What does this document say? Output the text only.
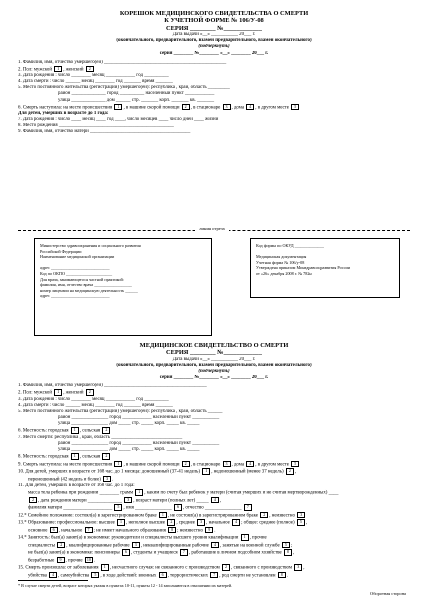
КОРЕШОК МЕДИЦИНСКОГО СВИДЕТЕЛЬСТВА О СМЕРТИ
К УЧЕТНОЙ ФОРМЕ № 106/У-08
СЕРИЯ ________ №____________
Дата выдачи «__» ___________ 20___ г.
(окончательного, предварительного, взамен предварительного, взамен окончательного)
(подчеркнуть)
серия ________ №________ «__» ________ 20___ г.
1. Фамилия, имя, отчество умершего(ей) __________________________________________________
2. Пол: мужской 1 , женский 2
3. Дата рождения : число ________ месяц ____________ год __________
4. Дата смерти : число ______ месяц ________ год _______ время _______
5. Место постоянного жительства (регистрации) умершего(ей): республика , край, область _________
район ______________ город __________ населенный пункт ____________
улица ______________ дом ______ стр. _______ корп. _______ кв. _______
6. Смерть наступила: на месте происшествия 1 , в машине скорой помощи 2 , в стационаре 3 , дома 4 , в другом месте 5
Для детей, умерших в возрасте до 1 года:
7. Дата рождения : число ____ месяц ____ год ____, число месяцев ____ число дней ____ жизни
8. Место рождения _______________________________________________
9. Фамилия, имя, отчество матери _________________________________________
линия отреза
Министерство здравоохранения и социального развития
Российской Федерации
Наименование медицинской организации
адрес ____________________________
Код по ОКПО ______________________
Для врача, занимающегося частной практикой:
фамилия, имя, отчество врача __________________
номер лицензии на медицинскую деятельность ______
адрес ____________________________
Код формы по ОКУД ______________
Медицинская документация
Учетная форма № 106/у-08
Утверждена приказом Минздравсоцразвития России
от «26» декабря 2008 г. № 782н
МЕДИЦИНСКОЕ СВИДЕТЕЛЬСТВО О СМЕРТИ
СЕРИЯ ________ №____________
Дата выдачи «__» ___________ 20___ г.
(окончательного, предварительного, взамен предварительного, взамен окончательного)
(подчеркнуть)
серия ________ №________ «__» ________ 20___ г.
1. Фамилия, имя, отчество умершего(ей) __________________________________________
2. Пол: мужской 1 , женский 2
3. Дата рождения : число ________ месяц ____________ год __________
4. Дата смерти : число ______ месяц ________ год _______ время _______
5. Место постоянного жительства (регистрации) умершего(ей): республика , край, область ______
район _______________ город ____________ населенный пункт ___________
улица _______________ дом _____ стр. _____ корп. _____ кв. _____
6. Местность: городская 1 , сельская 2
7. Место смерти: республика , край, область _____________________________
район _______________ город ____________ населенный пункт ___________
улица _______________ дом _____ стр. _____ корп. _____ кв. _____
8. Местность: городская 1 , сельская 2
9. Смерть наступила: на месте происшествия 1 , в машине скорой помощи 2 , в стационаре 3 , дома 4 , в другом месте 5
10. Для детей, умерших в возрасте от 168 час. до 1 месяца: доношенный (37-41 недель) 1 , недоношенный (менее 37 недель) 2 ,
переношенный (42 недель и более) 3 .
11. Для детей, умерших в возрасте от 168 час. до 1 года:
масса тела ребенка при рождении ________ грамм 1 , каким по счету был ребенок у матери (считая умерших и не считая мертворожденных) ____
2 , дата рождения матери ______________ 3 , возраст матери (полных лет) _____ 4 ,
фамилия матери ____________________ 5 , имя _______________ 6 , отчество _______________ 7
12.* Семейное положение: состоял(а) в зарегистрированном браке 1 , не состоял(а) в зарегистрированном браке 2 , неизвестно 3
13.* Образование: профессиональное: высшее 1 , неполное высшее 2 , среднее 3 , начальное 4 ; общее: среднее (полное) 5 ,
основное 6 , начальное 7 ; не имеет начального образования 8 ; неизвестно 9 .
14.* Занятость: был(а) занят(а) в экономике: руководители и специалисты высшего уровня квалификации 1 , прочие
специалисты 2 , квалифицированные рабочие 3 , неквалифицированные рабочие 4 , занятые на военной службе 5 ;
не был(а) занят(а) в экономике: пенсионеры 6 , студенты и учащиеся 7 , работавшие в личном подсобном хозяйстве 8 ,
безработные 9 , прочие 10 .
15. Смерть произошла: от заболевания 1 , несчастного случая: не связанного с производством 2 , связанного с производством 3 ,
убийства 4 , самоубийства 5 , в ходе действий: военных 6 , террористических 7 , род смерти не установлен 8 .
* В случае смерти детей, возраст которых указан в пунктах 10-11, пункты 12 - 14 заполняются в отношении их матерей.
Оборотная сторона
